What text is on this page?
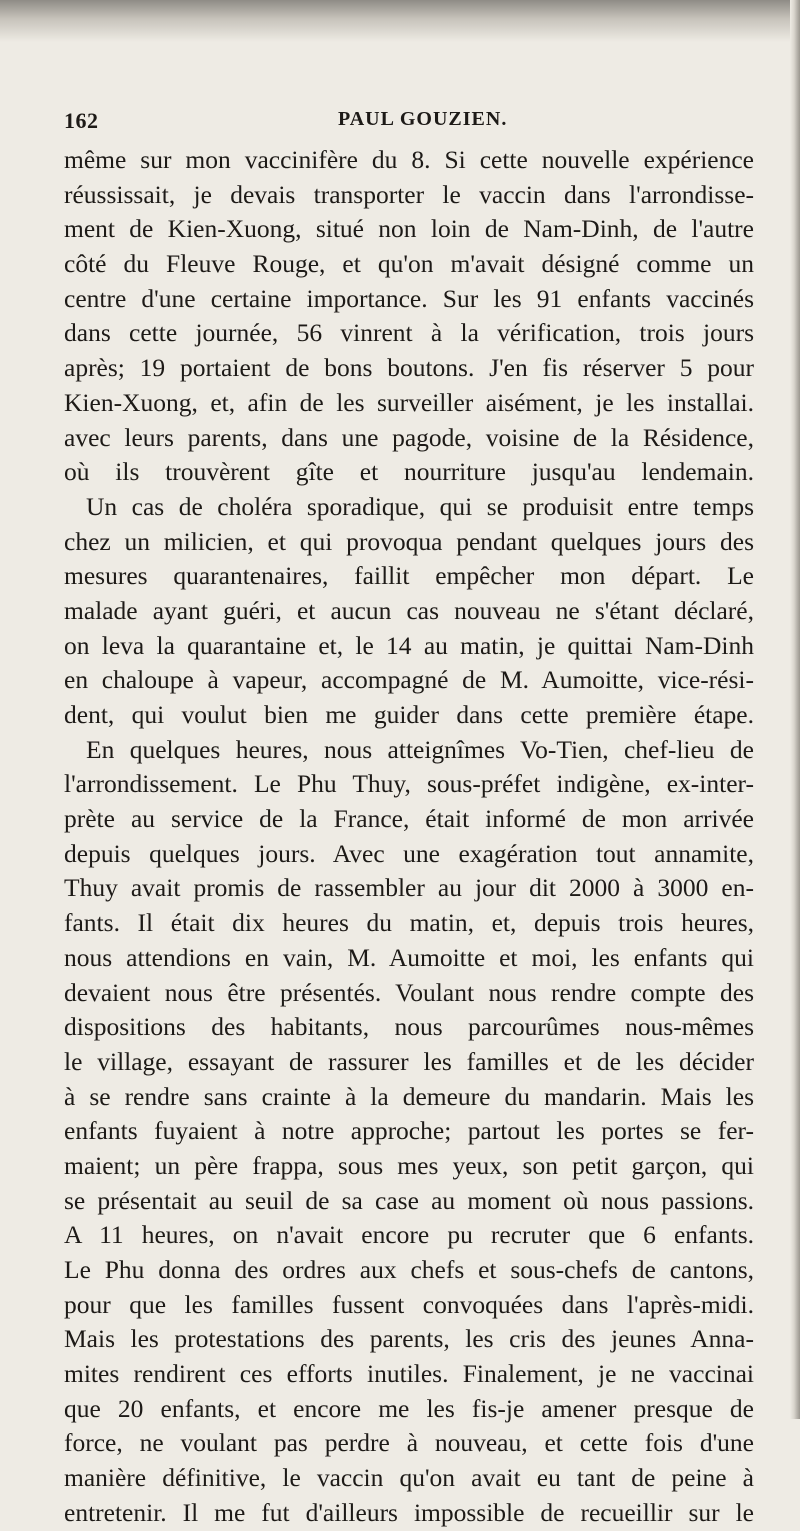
162	PAUL GOUZIEN.
même sur mon vaccinifère du 8. Si cette nouvelle expérience
réussissait, je devais transporter le vaccin dans l'arrondisse-
ment de Kien-Xuong, situé non loin de Nam-Dinh, de l'autre
côté du Fleuve Rouge, et qu'on m'avait désigné comme un
centre d'une certaine importance. Sur les 91 enfants vaccinés
dans cette journée, 56 vinrent à la vérification, trois jours
après; 19 portaient de bons boutons. J'en fis réserver 5 pour
Kien-Xuong, et, afin de les surveiller aisément, je les installai.
avec leurs parents, dans une pagode, voisine de la Résidence,
où ils trouvèrent gîte et nourriture jusqu'au lendemain.
Un cas de choléra sporadique, qui se produisit entre temps
chez un milicien, et qui provoqua pendant quelques jours des
mesures quarantenaires, faillit empêcher mon départ. Le
malade ayant guéri, et aucun cas nouveau ne s'étant déclaré,
on leva la quarantaine et, le 14 au matin, je quittai Nam-Dinh
en chaloupe à vapeur, accompagné de M. Aumoitte, vice-rési-
dent, qui voulut bien me guider dans cette première étape.
En quelques heures, nous atteignîmes Vo-Tien, chef-lieu de
l'arrondissement. Le Phu Thuy, sous-préfet indigène, ex-inter-
prète au service de la France, était informé de mon arrivée
depuis quelques jours. Avec une exagération tout annamite,
Thuy avait promis de rassembler au jour dit 2000 à 3000 en-
fants. Il était dix heures du matin, et, depuis trois heures,
nous attendions en vain, M. Aumoitte et moi, les enfants qui
devaient nous être présentés. Voulant nous rendre compte des
dispositions des habitants, nous parcourûmes nous-mêmes
le village, essayant de rassurer les familles et de les décider
à se rendre sans crainte à la demeure du mandarin. Mais les
enfants fuyaient à notre approche; partout les portes se fer-
maient; un père frappa, sous mes yeux, son petit garçon, qui
se présentait au seuil de sa case au moment où nous passions.
A 11 heures, on n'avait encore pu recruter que 6 enfants.
Le Phu donna des ordres aux chefs et sous-chefs de cantons,
pour que les familles fussent convoquées dans l'après-midi.
Mais les protestations des parents, les cris des jeunes Anna-
mites rendirent ces efforts inutiles. Finalement, je ne vaccinai
que 20 enfants, et encore me les fis-je amener presque de
force, ne voulant pas perdre à nouveau, et cette fois d'une
manière définitive, le vaccin qu'on avait eu tant de peine à
entretenir. Il me fut d'ailleurs impossible de recueillir sur le
